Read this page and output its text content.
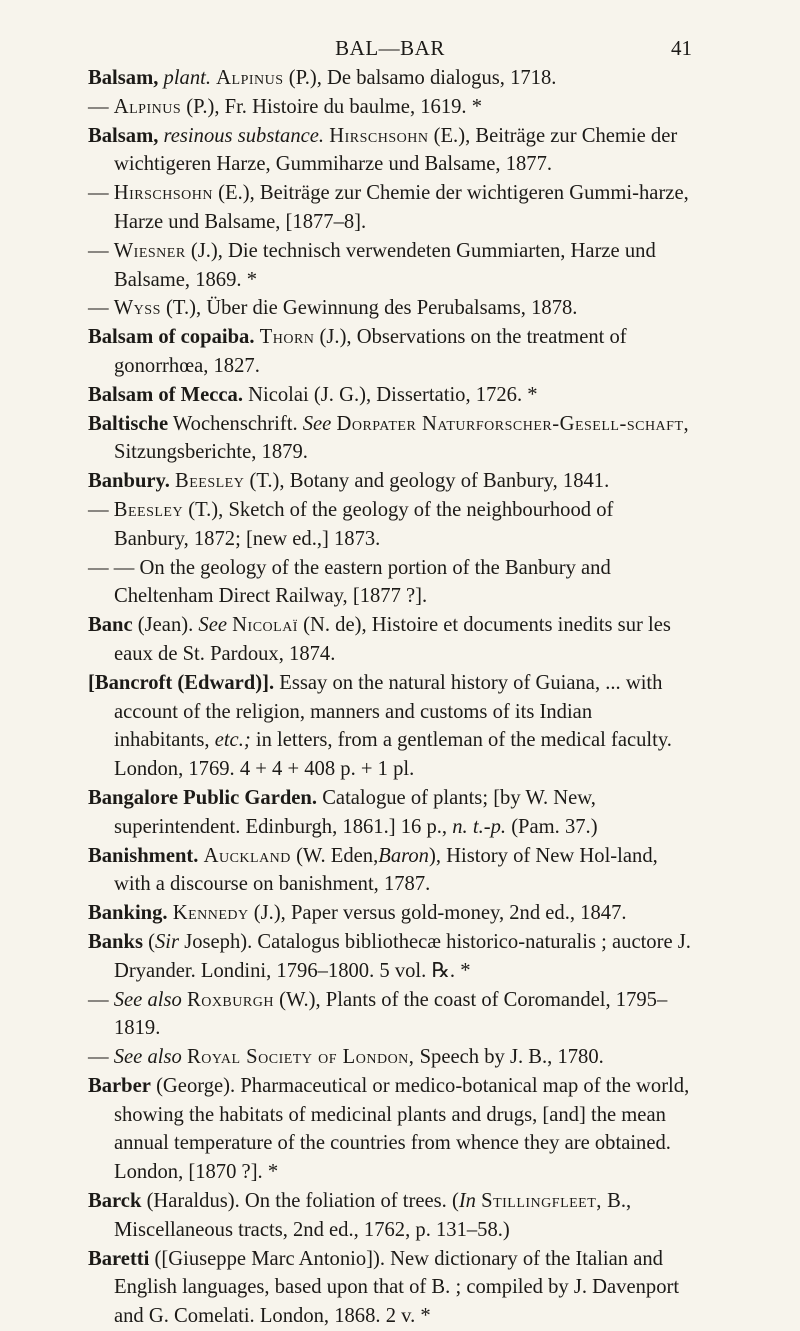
BAL—BAR	41

Balsam, plant. Alpinus (P.), De balsamo dialogus, 1718.

— Alpinus (P.), Fr. Histoire du baulme, 1619. *

Balsam, resinous substance. Hirschsohn (E.), Beiträge zur Chemie der wichtigeren Harze, Gummiharze und Balsame, 1877.

— Hirschsohn (E.), Beiträge zur Chemie der wichtigeren Gummi-harze, Harze und Balsame, [1877–8].

— Wiesner (J.), Die technisch verwendeten Gummiarten, Harze und Balsame, 1869. *

— Wyss (T.), Über die Gewinnung des Perubalsams, 1878.

Balsam of copaiba. Thorn (J.), Observations on the treatment of gonorrhœa, 1827.

Balsam of Mecca. Nicolai (J. G.), Dissertatio, 1726. *

Baltische Wochenschrift. See Dorpater Naturforscher-Gesell-schaft, Sitzungsberichte, 1879.

Banbury. Beesley (T.), Botany and geology of Banbury, 1841.

— Beesley (T.), Sketch of the geology of the neighbourhood of Banbury, 1872; [new ed.,] 1873.

— — On the geology of the eastern portion of the Banbury and Cheltenham Direct Railway, [1877 ?].

Banc (Jean). See Nicolaï (N. de), Histoire et documents inedits sur les eaux de St. Pardoux, 1874.

[Bancroft (Edward)]. Essay on the natural history of Guiana, ... with account of the religion, manners and customs of its Indian inhabitants, etc.; in letters, from a gentleman of the medical faculty. London, 1769. 4 + 4 + 408 p. + 1 pl.

Bangalore Public Garden. Catalogue of plants; [by W. New, superintendent. Edinburgh, 1861.] 16 p., n. t.-p. (Pam. 37.)

Banishment. Auckland (W. Eden,Baron), History of New Hol-land, with a discourse on banishment, 1787.

Banking. Kennedy (J.), Paper versus gold-money, 2nd ed., 1847.

Banks (Sir Joseph). Catalogus bibliothecæ historico-naturalis ; auctore J. Dryander. Londini, 1796–1800. 5 vol. ℞. *

— See also Roxburgh (W.), Plants of the coast of Coromandel, 1795–1819.

— See also Royal Society of London, Speech by J. B., 1780.

Barber (George). Pharmaceutical or medico-botanical map of the world, showing the habitats of medicinal plants and drugs, [and] the mean annual temperature of the countries from whence they are obtained. London, [1870 ?]. *

Barck (Haraldus). On the foliation of trees. (In Stillingfleet, B., Miscellaneous tracts, 2nd ed., 1762, p. 131–58.)

Baretti ([Giuseppe Marc Antonio]). New dictionary of the Italian and English languages, based upon that of B. ; compiled by J. Davenport and G. Comelati. London, 1868. 2 v. *
